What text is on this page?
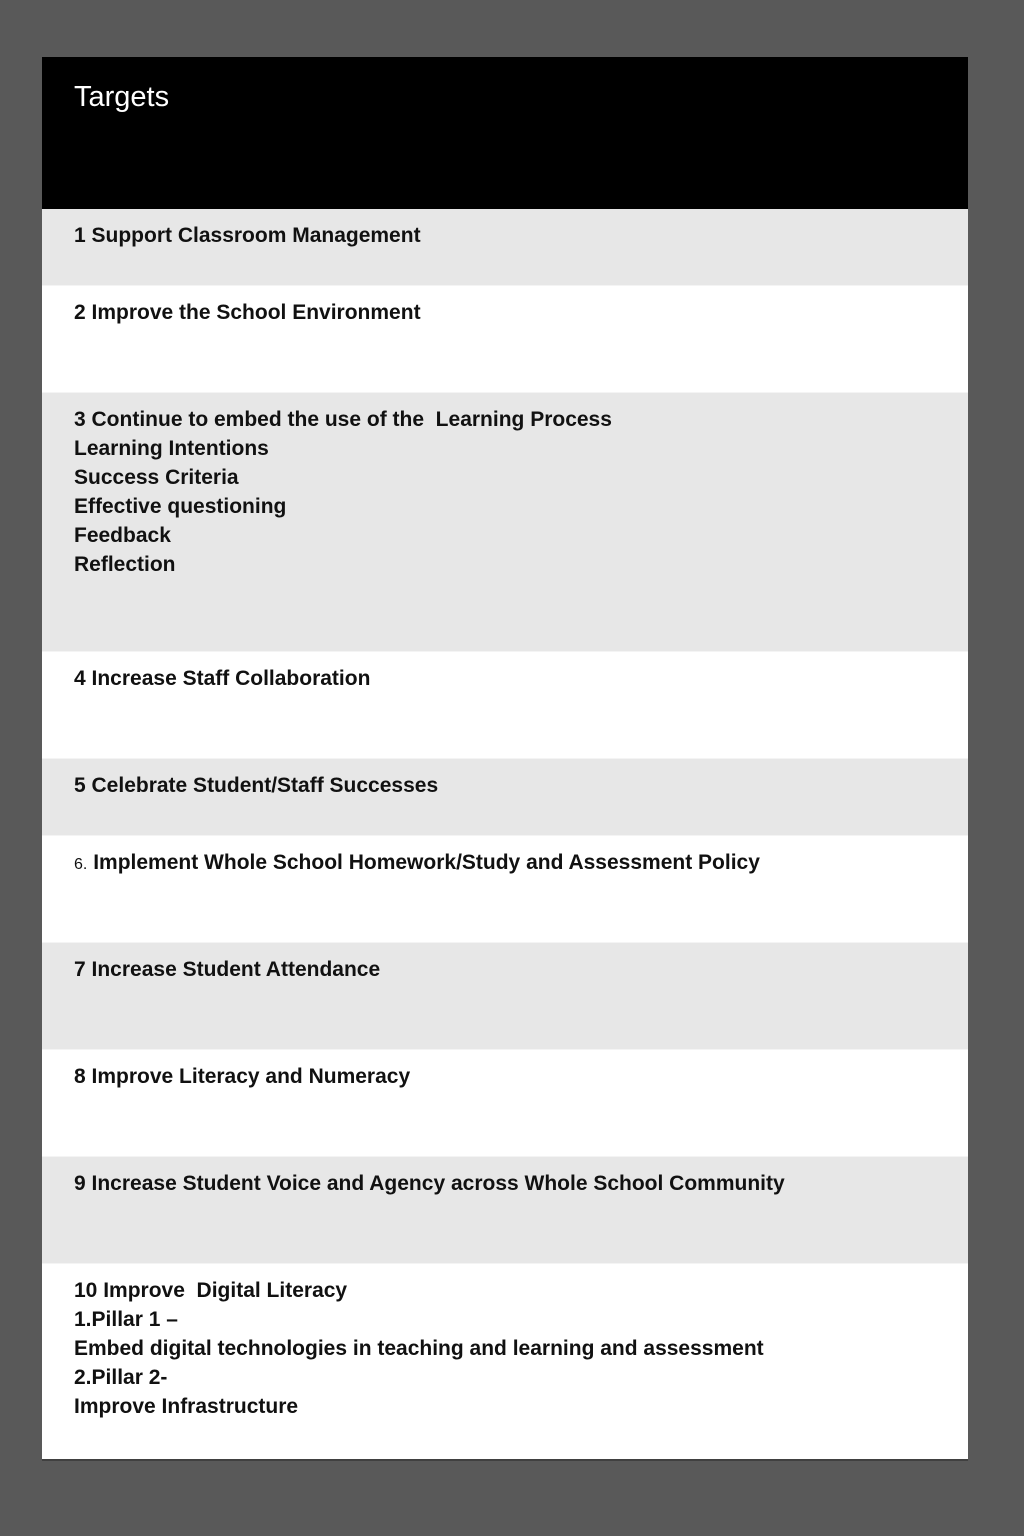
Targets
1 Support Classroom Management
2 Improve the School Environment
3 Continue to embed the use of the  Learning Process
Learning Intentions
Success Criteria
Effective questioning
Feedback
Reflection
4 Increase Staff Collaboration
5 Celebrate Student/Staff Successes
6. Implement Whole School Homework/Study and Assessment Policy
7 Increase Student Attendance
8 Improve Literacy and Numeracy
9 Increase Student Voice and Agency across Whole School Community
10 Improve  Digital Literacy
1.Pillar 1 –
Embed digital technologies in teaching and learning and assessment
2.Pillar 2-
Improve Infrastructure
